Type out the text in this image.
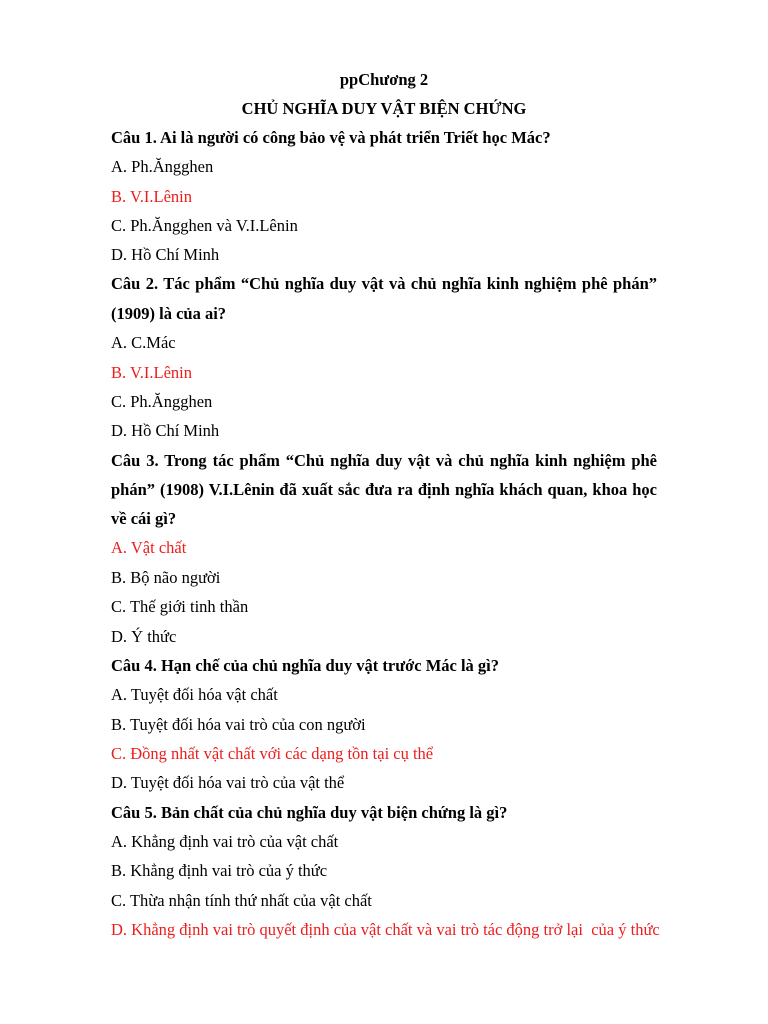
ppChương 2
CHỦ NGHĨA DUY VẬT BIỆN CHỨNG
Câu 1. Ai là người có công bảo vệ và phát triển Triết học Mác?
A. Ph.Ăngghen
B. V.I.Lênin
C. Ph.Ăngghen và V.I.Lênin
D. Hồ Chí Minh
Câu 2. Tác phẩm “Chủ nghĩa duy vật và chủ nghĩa kinh nghiệm phê phán”
(1909) là của ai?
A. C.Mác
B. V.I.Lênin
C. Ph.Ăngghen
D. Hồ Chí Minh
Câu 3. Trong tác phẩm “Chủ nghĩa duy vật và chủ nghĩa kinh nghiệm phê
phán” (1908) V.I.Lênin đã xuất sắc đưa ra định nghĩa khách quan, khoa học
về cái gì?
A. Vật chất
B. Bộ não người
C. Thế giới tinh thần
D. Ý thức
Câu 4. Hạn chế của chủ nghĩa duy vật trước Mác là gì?
A. Tuyệt đối hóa vật chất
B. Tuyệt đối hóa vai trò của con người
C. Đồng nhất vật chất với các dạng tồn tại cụ thể
D. Tuyệt đối hóa vai trò của vật thể
Câu 5. Bản chất của chủ nghĩa duy vật biện chứng là gì?
A. Khẳng định vai trò của vật chất
B. Khẳng định vai trò của ý thức
C. Thừa nhận tính thứ nhất của vật chất
D. Khẳng định vai trò quyết định của vật chất và vai trò tác động trở lại  của ý thức
